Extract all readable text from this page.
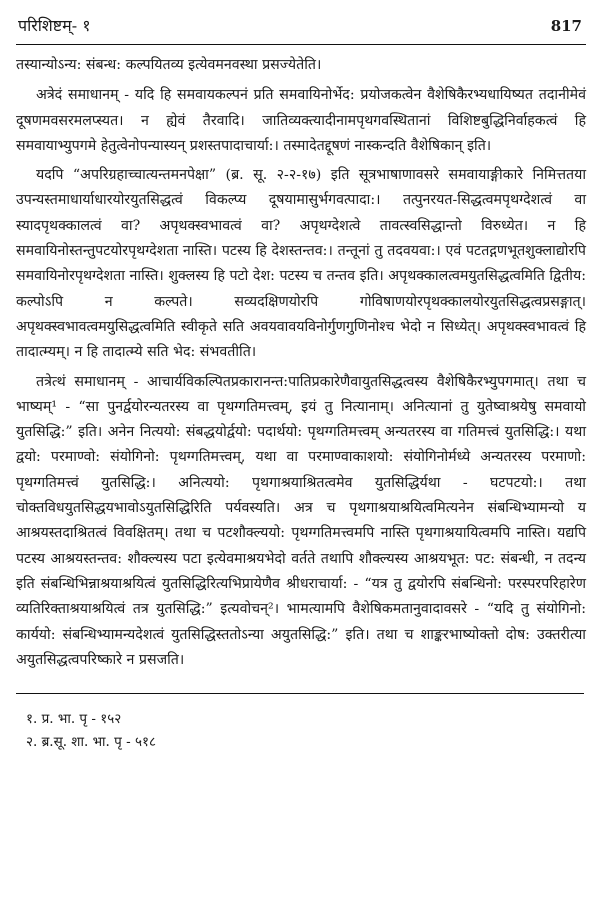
परिशिष्टम्- १	817

तस्यान्योऽन्य: संबन्ध: कल्पयितव्य इत्येवमनवस्था प्रसज्येतेति।

अत्रेदं समाधानम् - यदि हि समवायकल्पनं प्रति समवायिनोर्भेद: प्रयोजकत्वेन वैशेषिकैरभ्यधायिष्यत तदानीमेवं दूषणमवसरमलप्स्यत। न ह्येवं तैरवादि। जातिव्यक्त्यादीनामपृथगवस्थितानां विशिष्टबुद्धिनिर्वाहकत्वं हि समवायाभ्युपगमे हेतुत्वेनोपन्यास्यन् प्रशस्तपादाचार्या:। तस्मादेतद्दूषणं नास्कन्दति वैशेषिकान् इति।

यदपि “अपरिग्रहाच्चात्यन्तमनपेक्षा” (ब्र. सू. २-२-१७) इति सूत्रभाषाणावसरे समवायाङ्गीकारे निमित्ततया उपन्यस्तमाधार्याधारयोरयुतसिद्धत्वं विकल्प्य दूषयामासुर्भगवत्पादा:। तत्पुनरयत-सिद्धत्वमपृथग्देशत्वं वा स्यादपृथक्कालत्वं वा? अपृथक्स्वभावत्वं वा? अपृथग्देशत्वे तावत्स्वसिद्धान्तो विरुध्येत। न हि समवायिनोस्तन्तुपटयोरपृथग्देशता नास्ति। पटस्य हि देशस्तन्तव:। तन्तूनां तु तदवयवा:। एवं पटतद्गणभूतशुक्लाद्योरपि समवायिनोरपृथग्देशता नास्ति। शुक्लस्य हि पटो देश: पटस्य च तन्तव इति। अपृथक्कालत्वमयुतसिद्धत्वमिति द्वितीय: कल्पोऽपि न कल्पते। सव्यदक्षिणयोरपि गोविषाणयोरपृथक्कालयोरयुतसिद्धत्वप्रसङ्गात्। अपृथक्स्वभावत्वमयुसिद्धत्वमिति स्वीकृते सति अवयवावयविनोर्गुणगुणिनोश्च भेदो न सिध्येत्। अपृथक्स्वभावत्वं हि तादात्म्यम्। न हि तादात्म्ये सति भेद: संभवतीति।

तत्रेत्थं समाधानम् - आचार्यविकल्पितप्रकारानन्त:पातिप्रकारेणैवायुतसिद्धत्वस्य वैशेषिकैरभ्युपगमात्। तथा च भाष्यम्¹ - “सा पुनर्द्वयोरन्यतरस्य वा पृथग्गतिमत्त्वम्, इयं तु नित्यानाम्। अनित्यानां तु युतेष्वाश्रयेषु समवायो युतसिद्धि:” इति। अनेन नित्ययो: संबद्धयोर्द्वयो: पदार्थयो: पृथग्गतिमत्त्वम् अन्यतरस्य वा गतिमत्त्वं युतसिद्धि:। यथा द्वयो: परमाण्वो: संयोगिनो: पृथग्गतिमत्त्वम्, यथा वा परमाण्वाकाशयो: संयोगिनोर्मध्ये अन्यतरस्य परमाणो: पृथग्गतिमत्त्वं युतसिद्धि:। अनित्ययो: पृथगाश्रयाश्रितत्वमेव युतसिद्धिर्यथा - घटपटयो:। तथा चोक्तविधयुतसिद्धयभावोऽयुतसिद्धिरिति पर्यवस्यति। अत्र च पृथगाश्रयाश्रयित्वमित्यनेन संबन्धिभ्यामन्यो य आश्रयस्तदाश्रितत्वं विवक्षितम्। तथा च पटशौक्ल्ययो: पृथग्गतिमत्त्वमपि नास्ति पृथगाश्रयायित्वमपि नास्ति। यद्यपि पटस्य आश्रयस्तन्तव: शौक्ल्यस्य पटा इत्येवमाश्रयभेदो वर्तते तथापि शौक्ल्यस्य आश्रयभूत: पट: संबन्धी, न तदन्य इति संबन्धिभिन्नाश्रयाश्रयित्वं युतसिद्धिरित्यभिप्रायेणैव श्रीधराचार्या: - “यत्र तु द्वयोरपि संबन्धिनो: परस्परपरिहारेण व्यतिरिक्ताश्रयाश्रयित्वं तत्र युतसिद्धि:” इत्यवोचन्²। भामत्यामपि वैशेषिकमतानुवादावसरे - “यदि तु संयोगिनो: कार्ययो: संबन्धिभ्यामन्यदेशत्वं युतसिद्धिस्ततोऽन्या अयुतसिद्धि:” इति। तथा च शाङ्करभाष्योक्तो दोष: उक्तरीत्या अयुतसिद्धत्वपरिष्कारे न प्रसजति।

१. प्र. भा. पृ - १५२

२. ब्र.सू. शा. भा. पृ - ५१८
